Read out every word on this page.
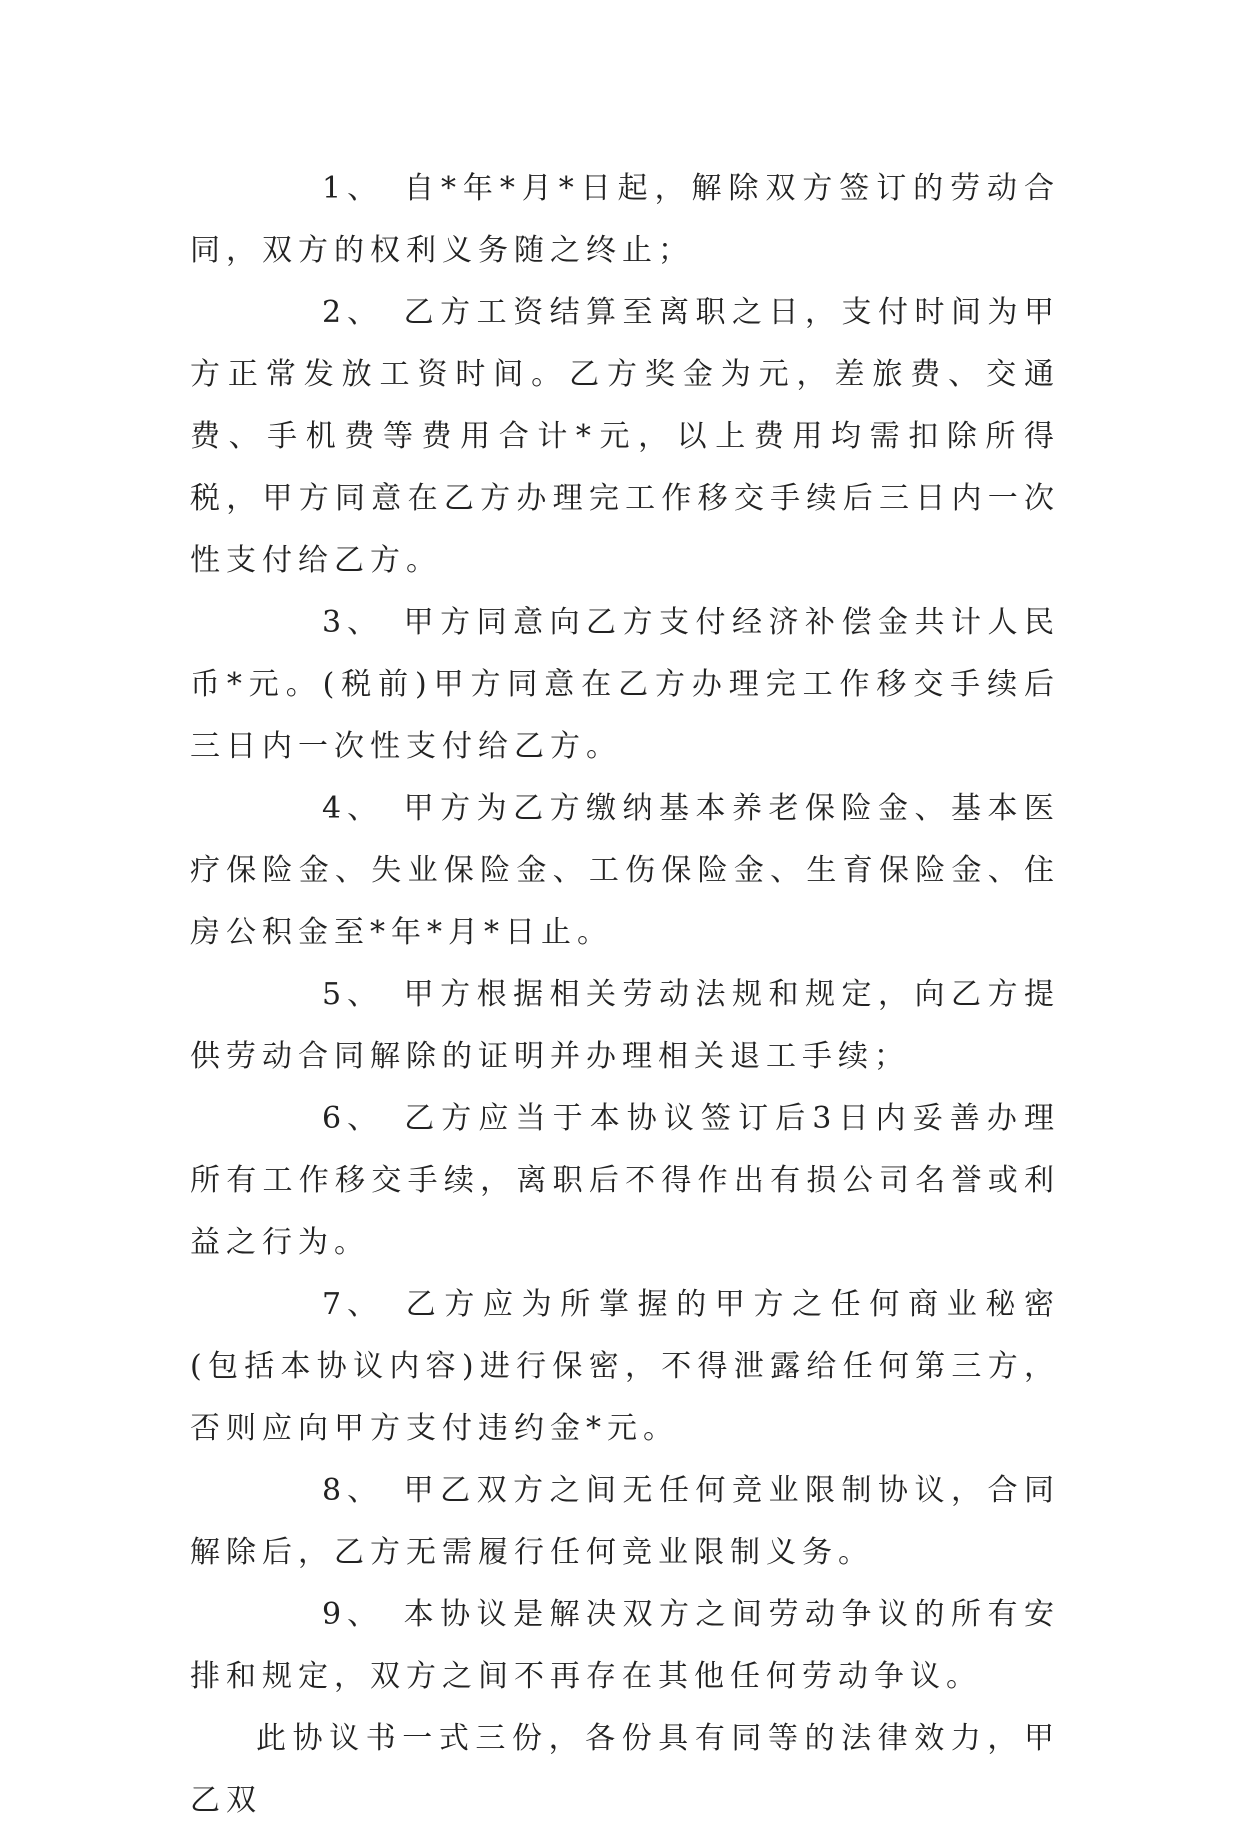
1、 自*年*月*日起，解除双方签订的劳动合同，双方的权利义务随之终止；

2、 乙方工资结算至离职之日，支付时间为甲方正常发放工资时间。乙方奖金为元，差旅费、交通费、手机费等费用合计*元，以上费用均需扣除所得税，甲方同意在乙方办理完工作移交手续后三日内一次性支付给乙方。

3、 甲方同意向乙方支付经济补偿金共计人民币*元。(税前)甲方同意在乙方办理完工作移交手续后三日内一次性支付给乙方。

4、 甲方为乙方缴纳基本养老保险金、基本医疗保险金、失业保险金、工伤保险金、生育保险金、住房公积金至*年*月*日止。

5、 甲方根据相关劳动法规和规定，向乙方提供劳动合同解除的证明并办理相关退工手续；

6、 乙方应当于本协议签订后3日内妥善办理所有工作移交手续，离职后不得作出有损公司名誉或利益之行为。

7、 乙方应为所掌握的甲方之任何商业秘密(包括本协议内容)进行保密，不得泄露给任何第三方，否则应向甲方支付违约金*元。

8、 甲乙双方之间无任何竞业限制协议，合同解除后，乙方无需履行任何竞业限制义务。

9、 本协议是解决双方之间劳动争议的所有安排和规定，双方之间不再存在其他任何劳动争议。

此协议书一式三份，各份具有同等的法律效力，甲乙双
